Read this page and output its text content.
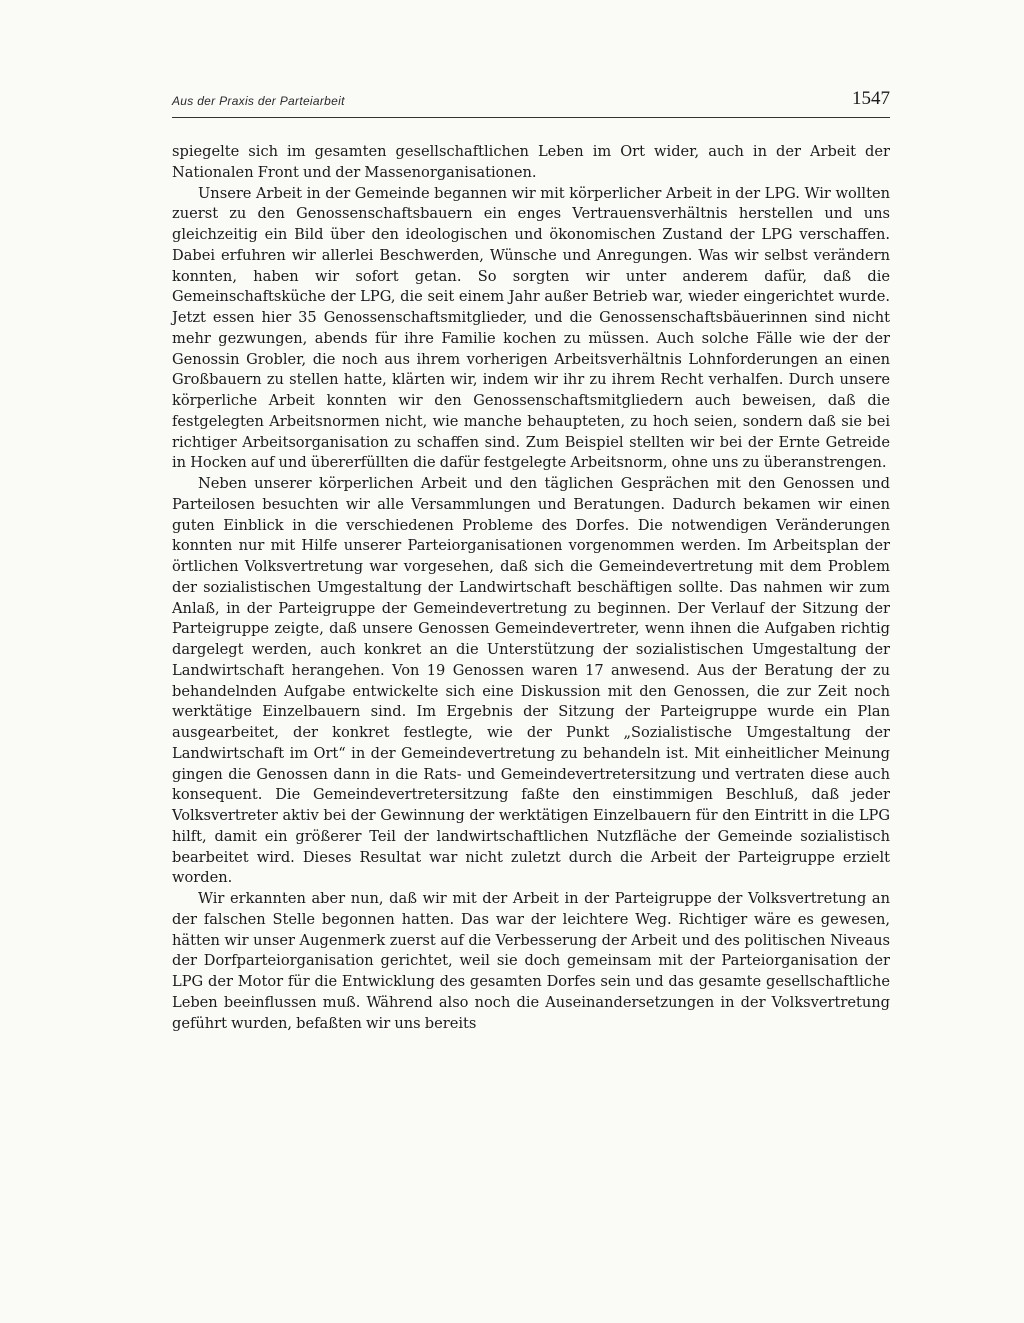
Aus der Praxis der Parteiarbeit	1547

spiegelte sich im gesamten gesellschaftlichen Leben im Ort wider, auch in der Arbeit der Nationalen Front und der Massenorganisationen.

Unsere Arbeit in der Gemeinde begannen wir mit körperlicher Arbeit in der LPG. Wir wollten zuerst zu den Genossenschaftsbauern ein enges Vertrauensverhältnis herstellen und uns gleichzeitig ein Bild über den ideologischen und ökonomischen Zustand der LPG verschaffen. Dabei erfuhren wir allerlei Beschwerden, Wünsche und Anregungen. Was wir selbst verändern konnten, haben wir sofort getan. So sorgten wir unter anderem dafür, daß die Gemeinschaftsküche der LPG, die seit einem Jahr außer Betrieb war, wieder eingerichtet wurde. Jetzt essen hier 35 Genossenschaftsmitglieder, und die Genossenschaftsbäuerinnen sind nicht mehr gezwungen, abends für ihre Familie kochen zu müssen. Auch solche Fälle wie der der Genossin Grobler, die noch aus ihrem vorherigen Arbeitsverhältnis Lohnforderungen an einen Großbauern zu stellen hatte, klärten wir, indem wir ihr zu ihrem Recht verhalfen. Durch unsere körperliche Arbeit konnten wir den Genossenschaftsmitgliedern auch beweisen, daß die festgelegten Arbeitsnormen nicht, wie manche behaupteten, zu hoch seien, sondern daß sie bei richtiger Arbeitsorganisation zu schaffen sind. Zum Beispiel stellten wir bei der Ernte Getreide in Hocken auf und übererfüllten die dafür festgelegte Arbeitsnorm, ohne uns zu überanstrengen.

Neben unserer körperlichen Arbeit und den täglichen Gesprächen mit den Genossen und Parteilosen besuchten wir alle Versammlungen und Beratungen. Dadurch bekamen wir einen guten Einblick in die verschiedenen Probleme des Dorfes. Die notwendigen Veränderungen konnten nur mit Hilfe unserer Parteiorganisationen vorgenommen werden. Im Arbeitsplan der örtlichen Volksvertretung war vorgesehen, daß sich die Gemeindevertretung mit dem Problem der sozialistischen Umgestaltung der Landwirtschaft beschäftigen sollte. Das nahmen wir zum Anlaß, in der Parteigruppe der Gemeindevertretung zu beginnen. Der Verlauf der Sitzung der Parteigruppe zeigte, daß unsere Genossen Gemeindevertreter, wenn ihnen die Aufgaben richtig dargelegt werden, auch konkret an die Unterstützung der sozialistischen Umgestaltung der Landwirtschaft herangehen. Von 19 Genossen waren 17 anwesend. Aus der Beratung der zu behandelnden Aufgabe entwickelte sich eine Diskussion mit den Genossen, die zur Zeit noch werktätige Einzelbauern sind. Im Ergebnis der Sitzung der Parteigruppe wurde ein Plan ausgearbeitet, der konkret festlegte, wie der Punkt „Sozialistische Umgestaltung der Landwirtschaft im Ort“ in der Gemeindevertretung zu behandeln ist. Mit einheitlicher Meinung gingen die Genossen dann in die Rats- und Gemeindevertretersitzung und vertraten diese auch konsequent. Die Gemeindevertretersitzung faßte den einstimmigen Beschluß, daß jeder Volksvertreter aktiv bei der Gewinnung der werktätigen Einzelbauern für den Eintritt in die LPG hilft, damit ein größerer Teil der landwirtschaftlichen Nutzfläche der Gemeinde sozialistisch bearbeitet wird. Dieses Resultat war nicht zuletzt durch die Arbeit der Parteigruppe erzielt worden.

Wir erkannten aber nun, daß wir mit der Arbeit in der Parteigruppe der Volksvertretung an der falschen Stelle begonnen hatten. Das war der leichtere Weg. Richtiger wäre es gewesen, hätten wir unser Augenmerk zuerst auf die Verbesserung der Arbeit und des politischen Niveaus der Dorfparteiorganisation gerichtet, weil sie doch gemeinsam mit der Parteiorganisation der LPG der Motor für die Entwicklung des gesamten Dorfes sein und das gesamte gesellschaftliche Leben beeinflussen muß. Während also noch die Auseinandersetzungen in der Volksvertretung geführt wurden, befaßten wir uns bereits
